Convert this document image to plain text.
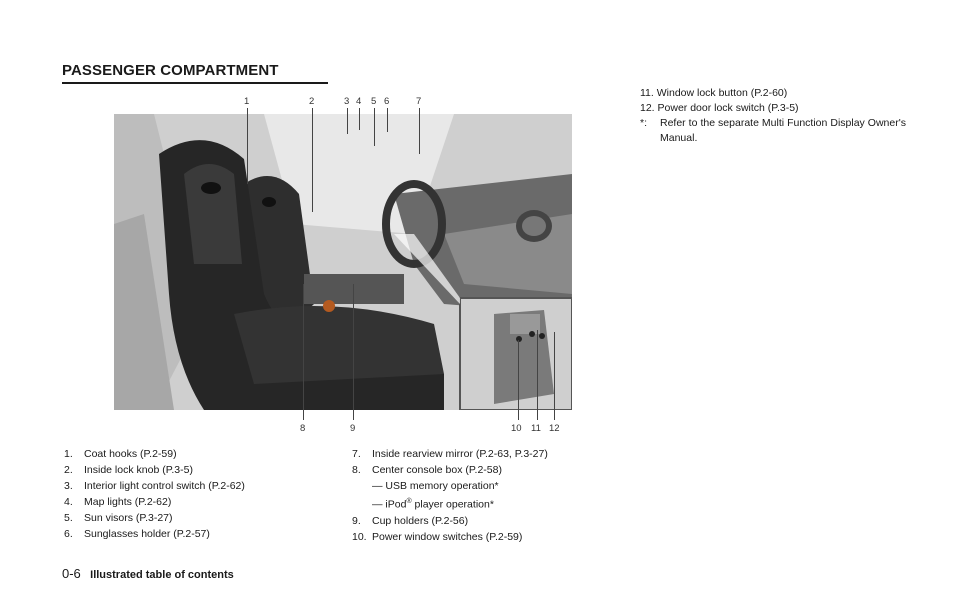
PASSENGER COMPARTMENT
1	2	3 4 5 6	7
8	9	10 11 12
1. Coat hooks (P.2-59)
2. Inside lock knob (P.3-5)
3. Interior light control switch (P.2-62)
4. Map lights (P.2-62)
5. Sun visors (P.3-27)
6. Sunglasses holder (P.2-57)
7. Inside rearview mirror (P.2-63, P.3-27)
8. Center console box (P.2-58)
— USB memory operation*
— iPod® player operation*
9. Cup holders (P.2-56)
10. Power window switches (P.2-59)
11. Window lock button (P.2-60)
12. Power door lock switch (P.3-5)
*: Refer to the separate Multi Function Display Owner's Manual.
0-6 Illustrated table of contents
